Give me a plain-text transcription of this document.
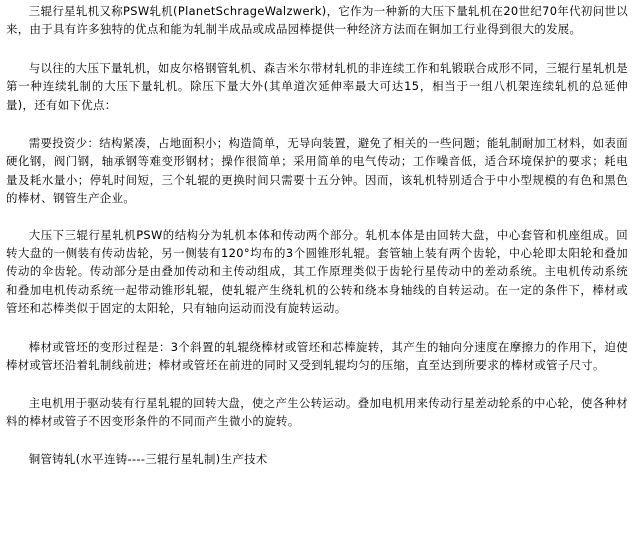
三辊行星轧机又称PSW轧机(PlanetSchrageWalzwerk)，它作为一种新的大压下量轧机在20世纪70年代初问世以来，由于具有许多独特的优点和能为轧制半成品或成品园棒提供一种经济方法而在铜加工行业得到很大的发展。

与以往的大压下量轧机，如皮尔格钢管轧机、森吉米尔带材轧机的非连续工作和轧锻联合成形不同，三辊行星轧机是第一种连续轧制的大压下量轧机。除压下量大外(其单道次延伸率最大可达15，相当于一组八机架连续轧机的总延伸量)，还有如下优点：

需要投资少：结构紧凑，占地面积小；构造简单，无导向装置，避免了相关的一些问题；能轧制耐加工材料，如表面硬化钢，阀门钢，轴承钢等难变形钢材；操作很简单；采用简单的电气传动；工作噪音低，适合环境保护的要求；耗电量及耗水量小；停轧时间短，三个轧辊的更换时间只需要十五分钟。因而，该轧机特别适合于中小型规模的有色和黑色的棒材、钢管生产企业。

大压下三辊行星轧机PSW的结构分为轧机本体和传动两个部分。轧机本体是由回转大盘，中心套管和机座组成。回转大盘的一侧装有传动齿轮，另一侧装有120°均布的3个圆锥形轧辊。套管轴上装有两个齿轮，中心轮即太阳轮和叠加传动的伞齿轮。传动部分是由叠加传动和主传动组成，其工作原理类似于齿轮行星传动中的差动系统。主电机传动系统和叠加电机传动系统一起带动锥形轧辊，使轧辊产生绕轧机的公转和绕本身轴线的自转运动。在一定的条件下，棒材或管坯和芯棒类似于固定的太阳轮，只有轴向运动而没有旋转运动。

棒材或管坯的变形过程是：3个斜置的轧辊绕棒材或管坯和芯棒旋转，其产生的轴向分速度在摩擦力的作用下，迫使棒材或管坯沿着轧制线前进；棒材或管坯在前进的同时又受到轧辊均匀的压缩，直至达到所要求的棒材或管子尺寸。

主电机用于驱动装有行星轧辊的回转大盘，使之产生公转运动。叠加电机用来传动行星差动轮系的中心轮，使各种材料的棒材或管子不因变形条件的不同而产生微小的旋转。

铜管铸轧(水平连铸----三辊行星轧制)生产技术
